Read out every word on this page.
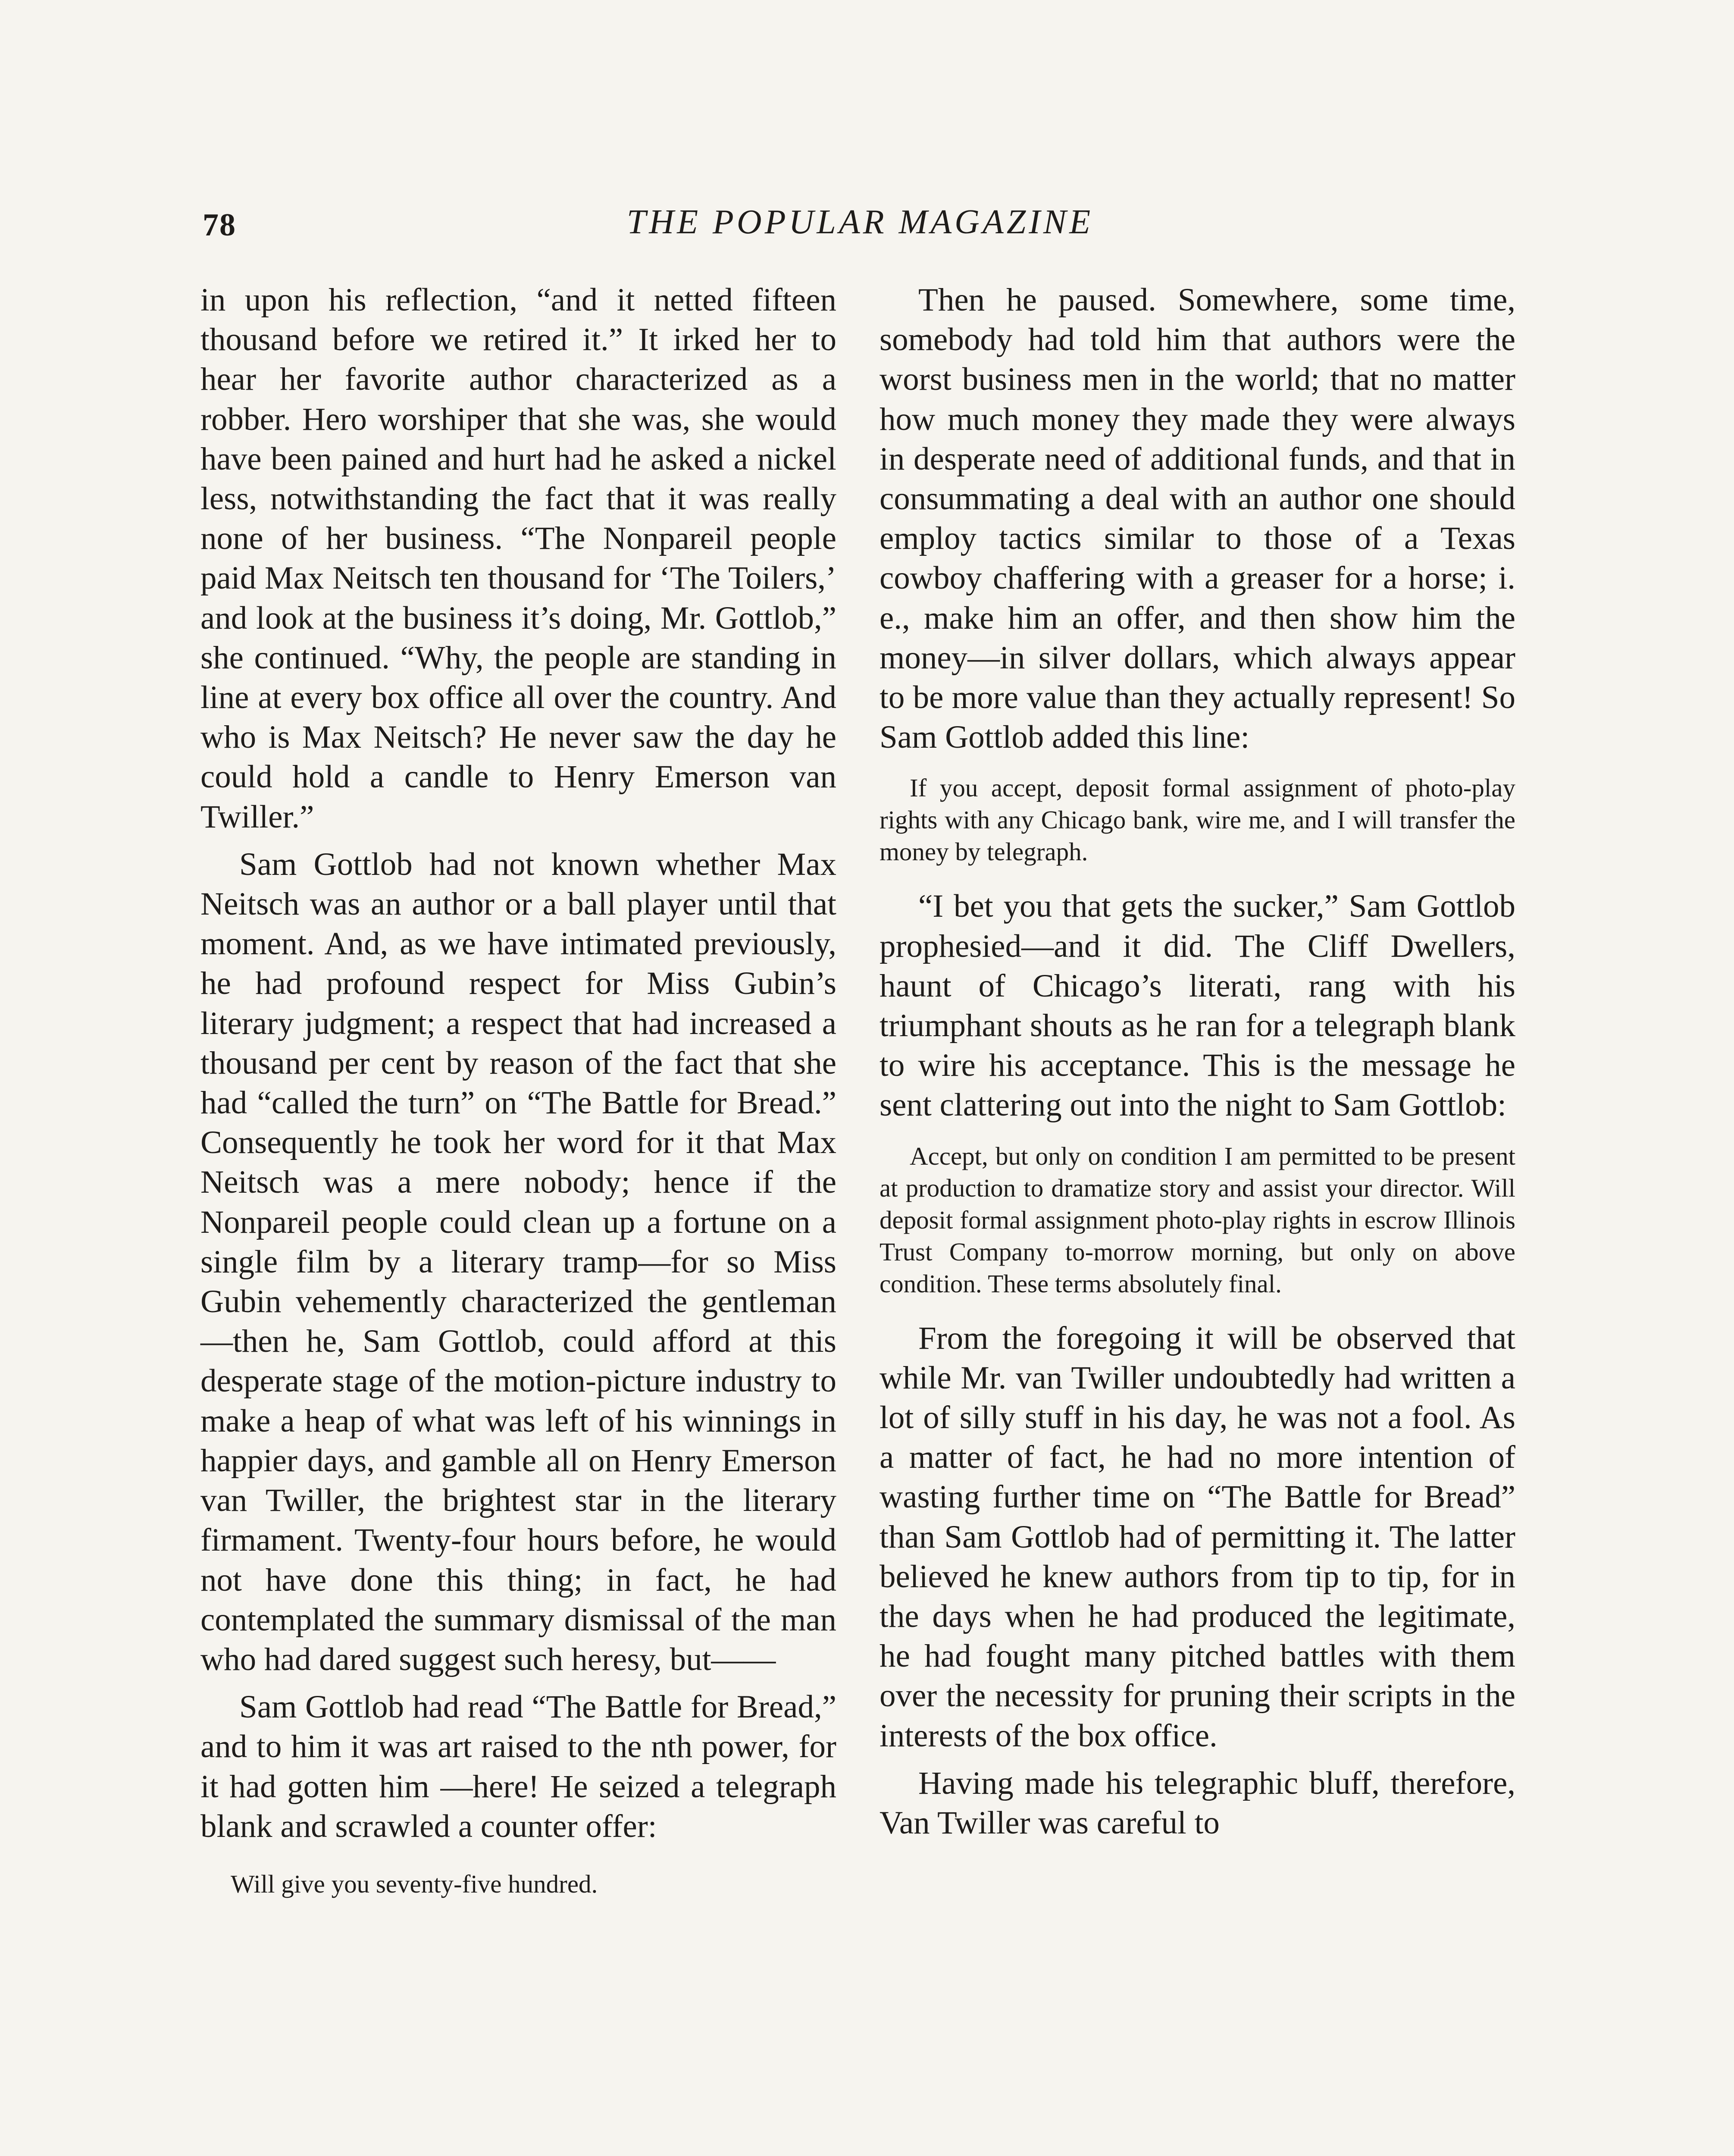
78	THE POPULAR MAGAZINE

in upon his reflection, “and it netted fifteen thousand before we retired it.” It irked her to hear her favorite author characterized as a robber. Hero worshiper that she was, she would have been pained and hurt had he asked a nickel less, notwithstanding the fact that it was really none of her business. “The Nonpareil people paid Max Neitsch ten thousand for ‘The Toilers,’ and look at the business it’s doing, Mr. Gottlob,” she continued. “Why, the people are standing in line at every box office all over the country. And who is Max Neitsch? He never saw the day he could hold a candle to Henry Emerson van Twiller.”

Sam Gottlob had not known whether Max Neitsch was an author or a ball player until that moment. And, as we have intimated previously, he had profound respect for Miss Gubin’s literary judgment; a respect that had increased a thousand per cent by reason of the fact that she had “called the turn” on “The Battle for Bread.” Consequently he took her word for it that Max Neitsch was a mere nobody; hence if the Nonpareil people could clean up a fortune on a single film by a literary tramp—for so Miss Gubin vehemently characterized the gentleman—then he, Sam Gottlob, could afford at this desperate stage of the motion-picture industry to make a heap of what was left of his winnings in happier days, and gamble all on Henry Emerson van Twiller, the brightest star in the literary firmament. Twenty-four hours before, he would not have done this thing; in fact, he had contemplated the summary dismissal of the man who had dared suggest such heresy, but——

Sam Gottlob had read “The Battle for Bread,” and to him it was art raised to the nth power, for it had gotten him —here! He seized a telegraph blank and scrawled a counter offer:

Will give you seventy-five hundred.

Then he paused. Somewhere, some time, somebody had told him that authors were the worst business men in the world; that no matter how much money they made they were always in desperate need of additional funds, and that in consummating a deal with an author one should employ tactics similar to those of a Texas cowboy chaffering with a greaser for a horse; i. e., make him an offer, and then show him the money—in silver dollars, which always appear to be more value than they actually represent! So Sam Gottlob added this line:

If you accept, deposit formal assignment of photo-play rights with any Chicago bank, wire me, and I will transfer the money by telegraph.

“I bet you that gets the sucker,” Sam Gottlob prophesied—and it did. The Cliff Dwellers, haunt of Chicago’s literati, rang with his triumphant shouts as he ran for a telegraph blank to wire his acceptance. This is the message he sent clattering out into the night to Sam Gottlob:

Accept, but only on condition I am permitted to be present at production to dramatize story and assist your director. Will deposit formal assignment photo-play rights in escrow Illinois Trust Company to-morrow morning, but only on above condition. These terms absolutely final.

From the foregoing it will be observed that while Mr. van Twiller undoubtedly had written a lot of silly stuff in his day, he was not a fool. As a matter of fact, he had no more intention of wasting further time on “The Battle for Bread” than Sam Gottlob had of permitting it. The latter believed he knew authors from tip to tip, for in the days when he had produced the legitimate, he had fought many pitched battles with them over the necessity for pruning their scripts in the interests of the box office.

Having made his telegraphic bluff, therefore, Van Twiller was careful to
